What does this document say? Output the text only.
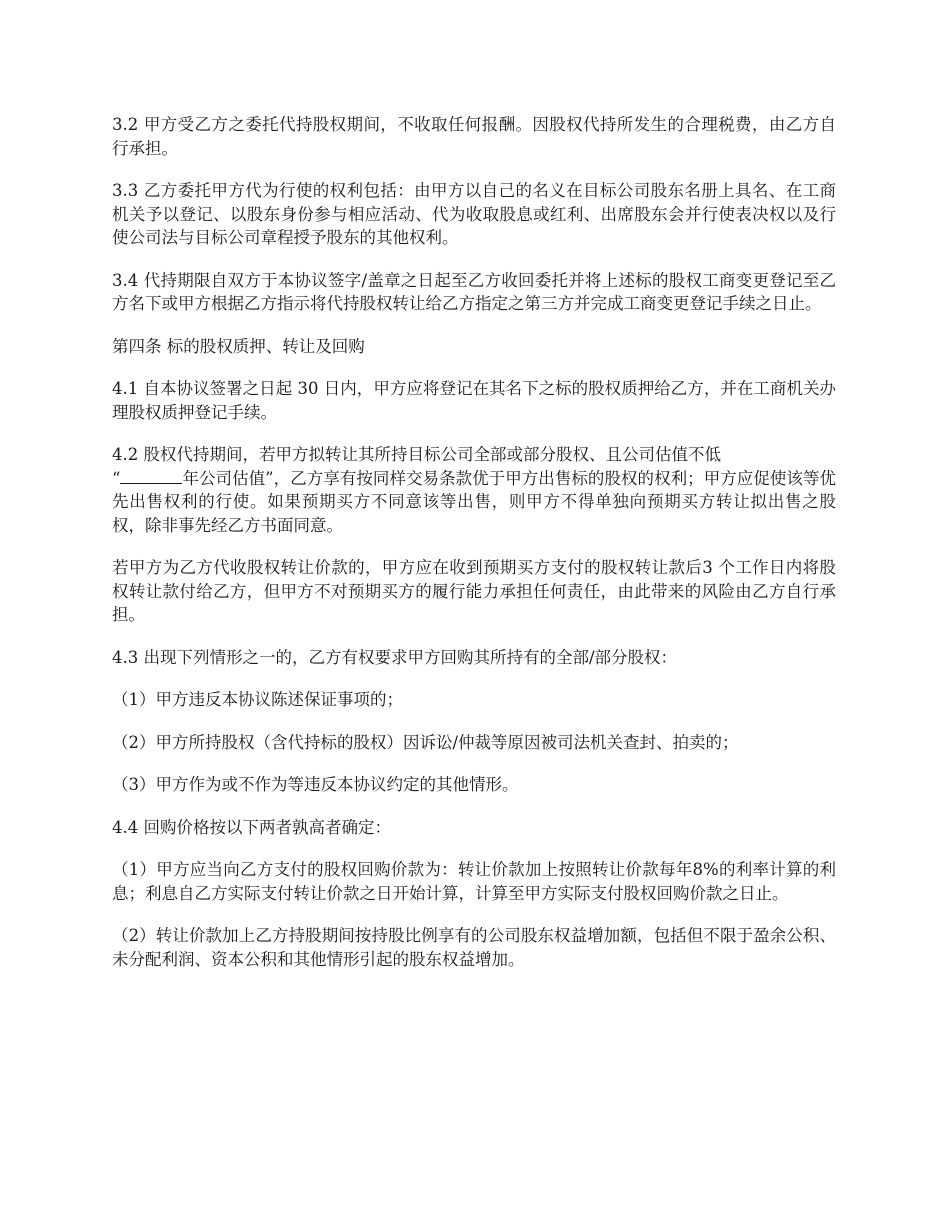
3.2 甲方受乙方之委托代持股权期间，不收取任何报酬。因股权代持所发生的合理税费，由乙方自行承担。

3.3 乙方委托甲方代为行使的权利包括：由甲方以自己的名义在目标公司股东名册上具名、在工商机关予以登记、以股东身份参与相应活动、代为收取股息或红利、出席股东会并行使表决权以及行使公司法与目标公司章程授予股东的其他权利。

3.4 代持期限自双方于本协议签字/盖章之日起至乙方收回委托并将上述标的股权工商变更登记至乙方名下或甲方根据乙方指示将代持股权转让给乙方指定之第三方并完成工商变更登记手续之日止。

第四条 标的股权质押、转让及回购

4.1 自本协议签署之日起 30 日内，甲方应将登记在其名下之标的股权质押给乙方，并在工商机关办理股权质押登记手续。

4.2 股权代持期间，若甲方拟转让其所持目标公司全部或部分股权、且公司估值不低
“	年公司估值”，乙方享有按同样交易条款优于甲方出售标的股权的权利；甲方应促使该等优先出售权利的行使。如果预期买方不同意该等出售，则甲方不得单独向预期买方转让拟出售之股权，除非事先经乙方书面同意。

若甲方为乙方代收股权转让价款的，甲方应在收到预期买方支付的股权转让款后3 个工作日内将股权转让款付给乙方，但甲方不对预期买方的履行能力承担任何责任，由此带来的风险由乙方自行承担。

4.3 出现下列情形之一的，乙方有权要求甲方回购其所持有的全部/部分股权：

（1）甲方违反本协议陈述保证事项的；

（2）甲方所持股权（含代持标的股权）因诉讼/仲裁等原因被司法机关查封、拍卖的；

（3）甲方作为或不作为等违反本协议约定的其他情形。

4.4 回购价格按以下两者孰高者确定：

（1）甲方应当向乙方支付的股权回购价款为：转让价款加上按照转让价款每年8%的利率计算的利息；利息自乙方实际支付转让价款之日开始计算，计算至甲方实际支付股权回购价款之日止。

（2）转让价款加上乙方持股期间按持股比例享有的公司股东权益增加额，包括但不限于盈余公积、未分配利润、资本公积和其他情形引起的股东权益增加。
